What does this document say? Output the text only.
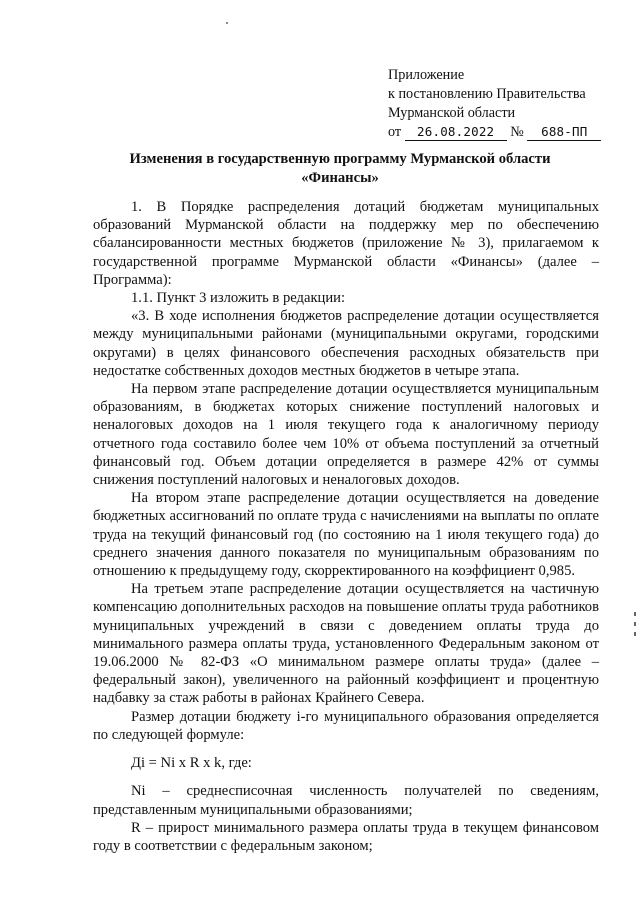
Приложение
к постановлению Правительства
Мурманской области
от 26.08.2022 № 688-ПП
Изменения в государственную программу Мурманской области
«Финансы»

1. В Порядке распределения дотаций бюджетам муниципальных образований Мурманской области на поддержку мер по обеспечению сбалансированности местных бюджетов (приложение № 3), прилагаемом к государственной программе Мурманской области «Финансы» (далее – Программа):

1.1. Пункт 3 изложить в редакции:

«3. В ходе исполнения бюджетов распределение дотации осуществляется между муниципальными районами (муниципальными округами, городскими округами) в целях финансового обеспечения расходных обязательств при недостатке собственных доходов местных бюджетов в четыре этапа.

На первом этапе распределение дотации осуществляется муниципальным образованиям, в бюджетах которых снижение поступлений налоговых и неналоговых доходов на 1 июля текущего года к аналогичному периоду отчетного года составило более чем 10% от объема поступлений за отчетный финансовый год. Объем дотации определяется в размере 42% от суммы снижения поступлений налоговых и неналоговых доходов.

На втором этапе распределение дотации осуществляется на доведение бюджетных ассигнований по оплате труда с начислениями на выплаты по оплате труда на текущий финансовый год (по состоянию на 1 июля текущего года) до среднего значения данного показателя по муниципальным образованиям по отношению к предыдущему году, скорректированного на коэффициент 0,985.

На третьем этапе распределение дотации осуществляется на частичную компенсацию дополнительных расходов на повышение оплаты труда работников муниципальных учреждений в связи с доведением оплаты труда до минимального размера оплаты труда, установленного Федеральным законом от 19.06.2000 № 82-ФЗ «О минимальном размере оплаты труда» (далее – федеральный закон), увеличенного на районный коэффициент и процентную надбавку за стаж работы в районах Крайнего Севера.

Размер дотации бюджету i-го муниципального образования определяется по следующей формуле:

Дi = Ni x R x k, где:

Ni – среднесписочная численность получателей по сведениям, представленным муниципальными образованиями;

R – прирост минимального размера оплаты труда в текущем финансовом году в соответствии с федеральным законом;
